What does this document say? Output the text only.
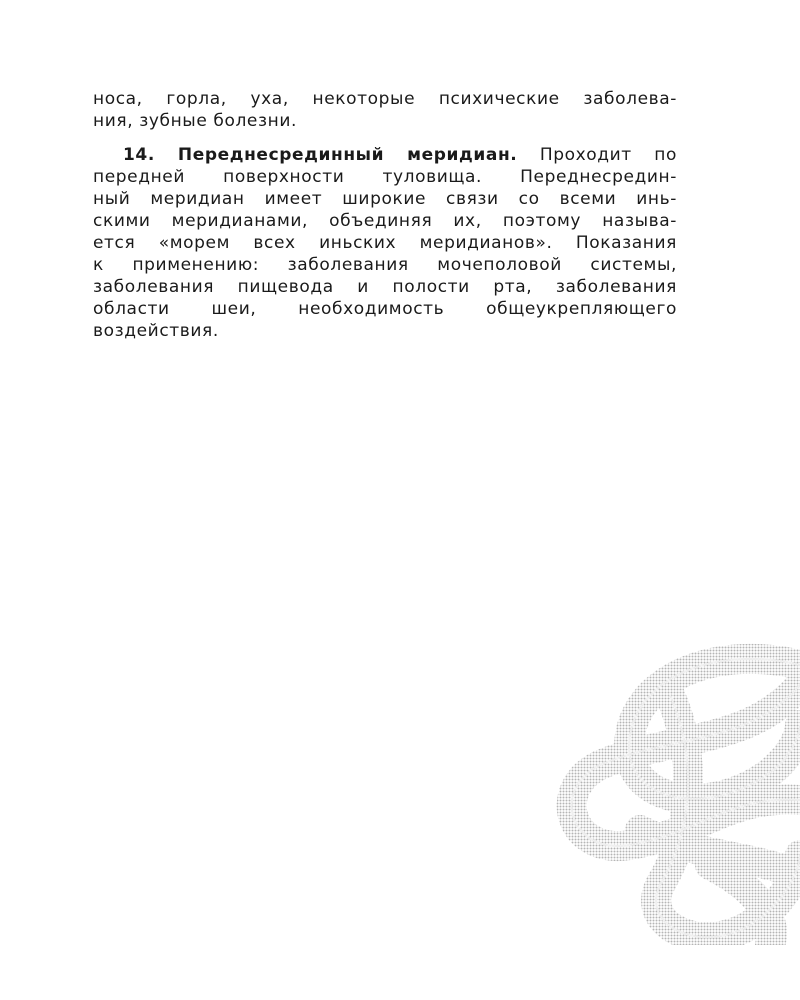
носа, горла, уха, некоторые психические заболева-
ния, зубные болезни.
14. Переднесрединный меридиан. Проходит по
передней поверхности туловища. Переднесредин-
ный меридиан имеет широкие связи со всеми инь-
скими меридианами, объединяя их, поэтому называ-
ется «морем всех иньских меридианов». Показания
к применению: заболевания мочеполовой системы,
заболевания пищевода и полости рта, заболевания
области шеи, необходимость общеукрепляющего
воздействия.
